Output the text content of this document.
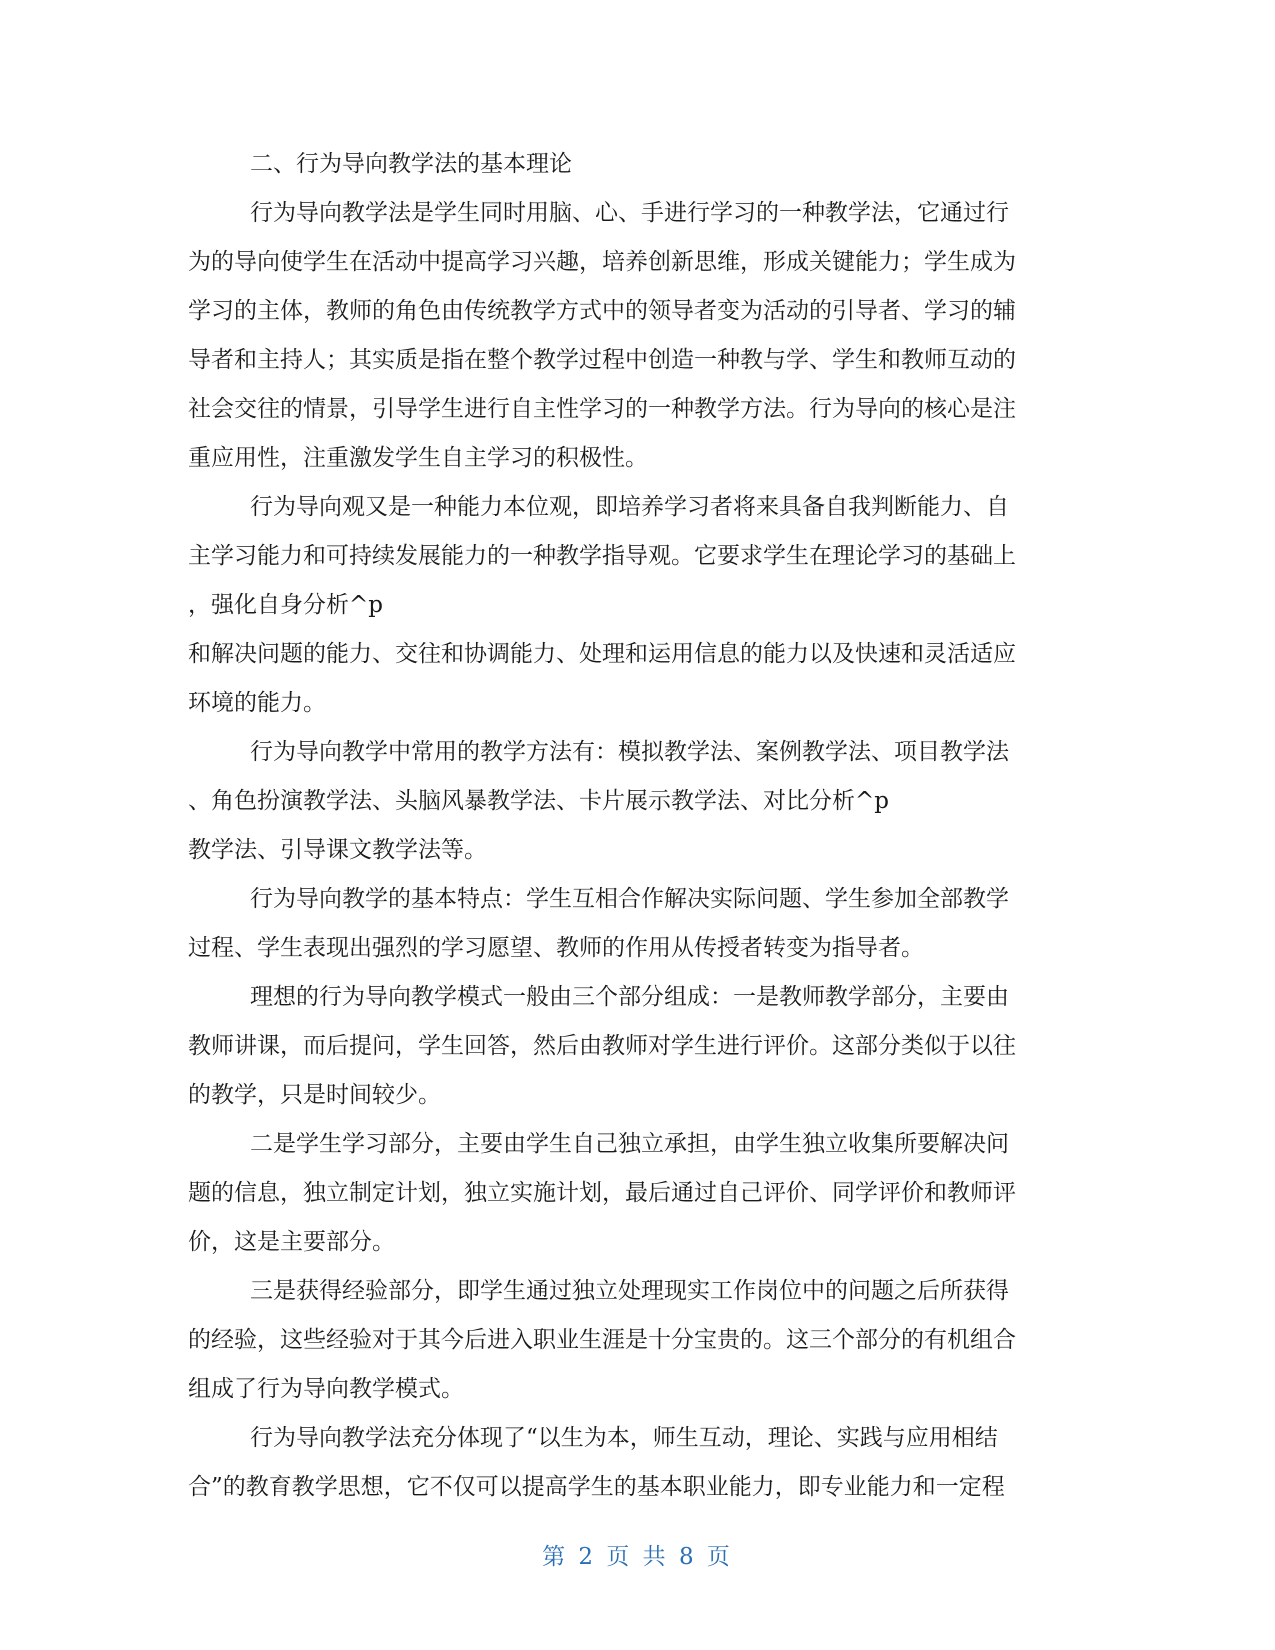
二、行为导向教学法的基本理论
行为导向教学法是学生同时用脑、心、手进行学习的一种教学法，它通过行
为的导向使学生在活动中提高学习兴趣，培养创新思维，形成关键能力；学生成为
学习的主体，教师的角色由传统教学方式中的领导者变为活动的引导者、学习的辅
导者和主持人；其实质是指在整个教学过程中创造一种教与学、学生和教师互动的
社会交往的情景，引导学生进行自主性学习的一种教学方法。行为导向的核心是注
重应用性，注重激发学生自主学习的积极性。
行为导向观又是一种能力本位观，即培养学习者将来具备自我判断能力、自
主学习能力和可持续发展能力的一种教学指导观。它要求学生在理论学习的基础上
，强化自身分析^p
和解决问题的能力、交往和协调能力、处理和运用信息的能力以及快速和灵活适应
环境的能力。
行为导向教学中常用的教学方法有：模拟教学法、案例教学法、项目教学法
、角色扮演教学法、头脑风暴教学法、卡片展示教学法、对比分析^p
教学法、引导课文教学法等。
行为导向教学的基本特点：学生互相合作解决实际问题、学生参加全部教学
过程、学生表现出强烈的学习愿望、教师的作用从传授者转变为指导者。
理想的行为导向教学模式一般由三个部分组成：一是教师教学部分，主要由
教师讲课，而后提问，学生回答，然后由教师对学生进行评价。这部分类似于以往
的教学，只是时间较少。
二是学生学习部分，主要由学生自己独立承担，由学生独立收集所要解决问
题的信息，独立制定计划，独立实施计划，最后通过自己评价、同学评价和教师评
价，这是主要部分。
三是获得经验部分，即学生通过独立处理现实工作岗位中的问题之后所获得
的经验，这些经验对于其今后进入职业生涯是十分宝贵的。这三个部分的有机组合
组成了行为导向教学模式。
行为导向教学法充分体现了“以生为本，师生互动，理论、实践与应用相结
合”的教育教学思想，它不仅可以提高学生的基本职业能力，即专业能力和一定程
第 2 页 共 8 页
